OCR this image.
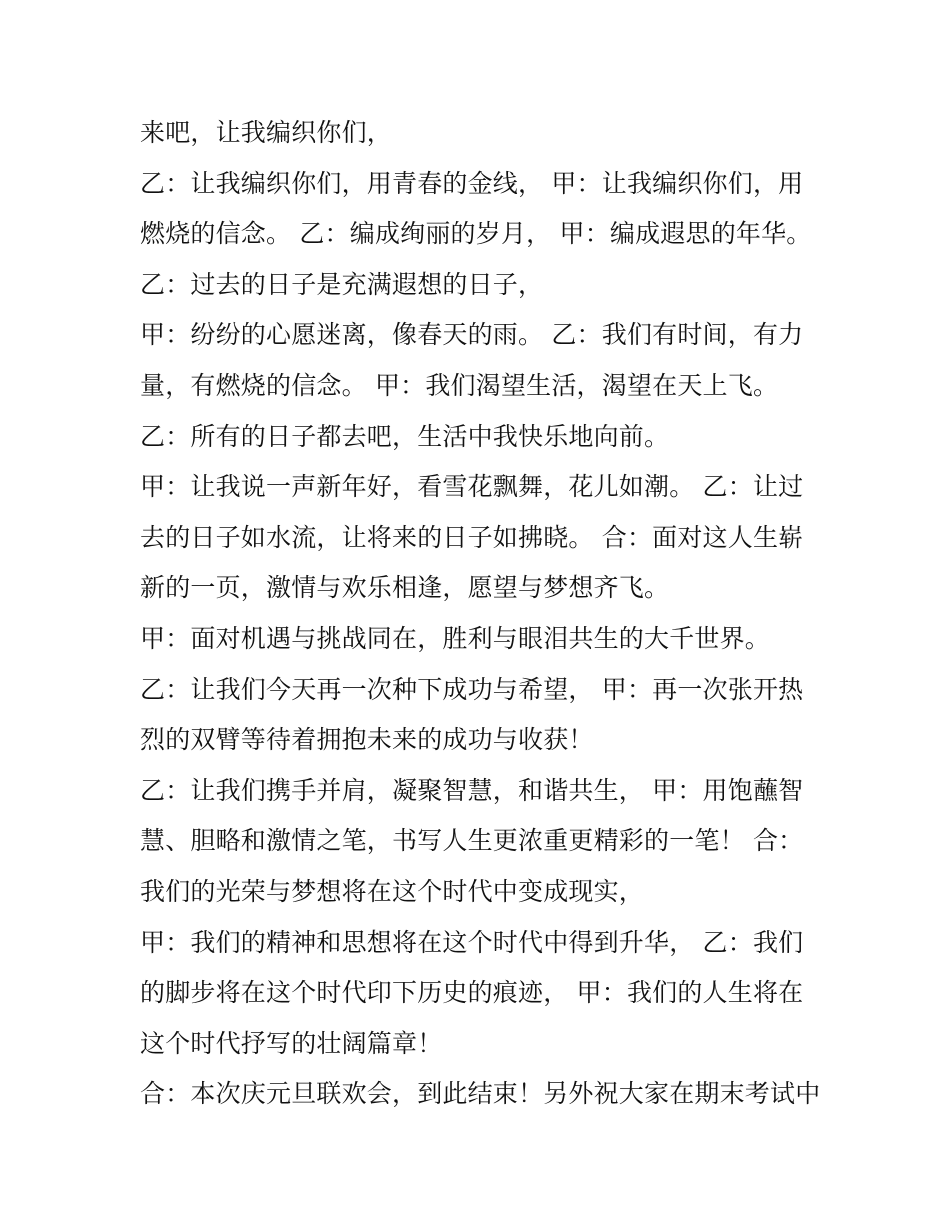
来吧，让我编织你们，
乙：让我编织你们，用青春的金线， 甲：让我编织你们，用
燃烧的信念。 乙：编成绚丽的岁月， 甲：编成遐思的年华。
乙：过去的日子是充满遐想的日子，
甲：纷纷的心愿迷离，像春天的雨。 乙：我们有时间，有力
量，有燃烧的信念。 甲：我们渴望生活，渴望在天上飞。
乙：所有的日子都去吧，生活中我快乐地向前。
甲：让我说一声新年好，看雪花飘舞，花儿如潮。 乙：让过
去的日子如水流，让将来的日子如拂晓。 合：面对这人生崭
新的一页，激情与欢乐相逢，愿望与梦想齐飞。
甲：面对机遇与挑战同在，胜利与眼泪共生的大千世界。
乙：让我们今天再一次种下成功与希望， 甲：再一次张开热
烈的双臂等待着拥抱未来的成功与收获！
乙：让我们携手并肩，凝聚智慧，和谐共生， 甲：用饱蘸智
慧、胆略和激情之笔，书写人生更浓重更精彩的一笔！ 合：
我们的光荣与梦想将在这个时代中变成现实，
甲：我们的精神和思想将在这个时代中得到升华， 乙：我们
的脚步将在这个时代印下历史的痕迹， 甲：我们的人生将在
这个时代抒写的壮阔篇章！
合：本次庆元旦联欢会，到此结束！另外祝大家在期末考试中
